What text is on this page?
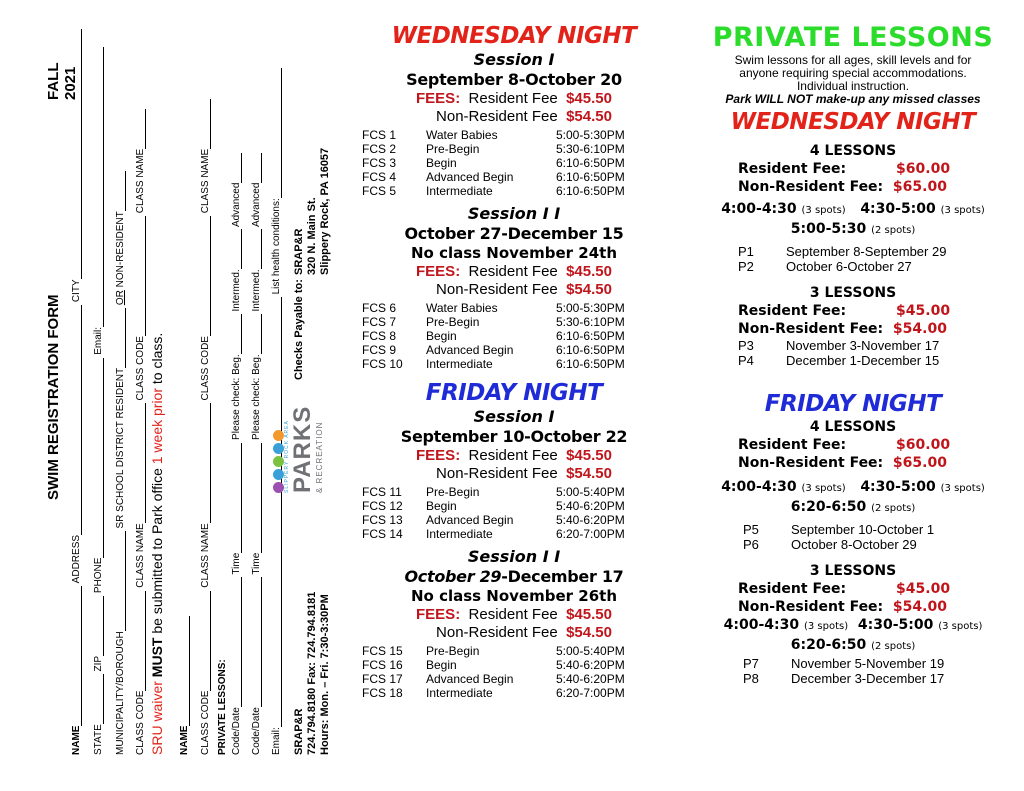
SWIM REGISTRATION FORM
FALL 2021
NAME ADDRESS CITY
STATE ZIP PHONE Email:
MUNICIPALITY/BOROUGH SR SCHOOL DISTRICT RESIDENT OR NON-RESIDENT
CLASS CODE CLASS NAME CLASS CODE CLASS NAME
SRU waiver MUST be submitted to Park office 1 week prior to class.
NAME CLASS CODE CLASS NAME CLASS CODE CLASS NAME
PRIVATE LESSONS: Code/Date Time Please check: Beg. Intermed. Advanced
Code/Date Time Please check: Beg. Intermed. Advanced
Email: List health conditions:
SRAP&R 724.794.8180 Fax: 724.794.8181 Hours: Mon. – Fri. 7:30-3:30PM
SLIPPERY ROCK AREA PARKS & RECREATION
Checks Payable to:
SRAP&R 320 N. Main St. Slippery Rock, PA 16057
WEDNESDAY NIGHT
Session I
September 8-October 20
FEES: Resident Fee $45.50
Non-Resident Fee $54.50
FCS 1	Water Babies	5:00-5:30PM
FCS 2	Pre-Begin	5:30-6:10PM
FCS 3	Begin	6:10-6:50PM
FCS 4	Advanced Begin	6:10-6:50PM
FCS 5	Intermediate	6:10-6:50PM
Session I I
October 27-December 15
No class November 24th
FEES: Resident Fee $45.50
Non-Resident Fee $54.50
FCS 6	Water Babies	5:00-5:30PM
FCS 7	Pre-Begin	5:30-6:10PM
FCS 8	Begin	6:10-6:50PM
FCS 9	Advanced Begin	6:10-6:50PM
FCS 10	Intermediate	6:10-6:50PM
FRIDAY NIGHT
Session I
September 10-October 22
FEES: Resident Fee $45.50
Non-Resident Fee $54.50
FCS 11	Pre-Begin	5:00-5:40PM
FCS 12	Begin	5:40-6:20PM
FCS 13	Advanced Begin	5:40-6:20PM
FCS 14	Intermediate	6:20-7:00PM
Session I I
October 29-December 17
No class November 26th
FEES: Resident Fee $45.50
Non-Resident Fee $54.50
FCS 15	Pre-Begin	5:00-5:40PM
FCS 16	Begin	5:40-6:20PM
FCS 17	Advanced Begin	5:40-6:20PM
FCS 18	Intermediate	6:20-7:00PM
PRIVATE LESSONS
Swim lessons for all ages, skill levels and for
anyone requiring special accommodations.
Individual instruction.
Park WILL NOT make-up any missed classes
WEDNESDAY NIGHT
4 LESSONS
Resident Fee:	$60.00
Non-Resident Fee: $65.00
4:00-4:30 (3 spots) 4:30-5:00 (3 spots)
5:00-5:30 (2 spots)
P1	September 8-September 29
P2	October 6-October 27
3 LESSONS
Resident Fee:	$45.00
Non-Resident Fee: $54.00
P3	November 3-November 17
P4	December 1-December 15
FRIDAY NIGHT
4 LESSONS
Resident Fee:	$60.00
Non-Resident Fee: $65.00
4:00-4:30 (3 spots) 4:30-5:00 (3 spots)
6:20-6:50 (2 spots)
P5	September 10-October 1
P6	October 8-October 29
3 LESSONS
Resident Fee:	$45.00
Non-Resident Fee: $54.00
4:00-4:30 (3 spots) 4:30-5:00 (3 spots)
6:20-6:50 (2 spots)
P7	November 5-November 19
P8	December 3-December 17
